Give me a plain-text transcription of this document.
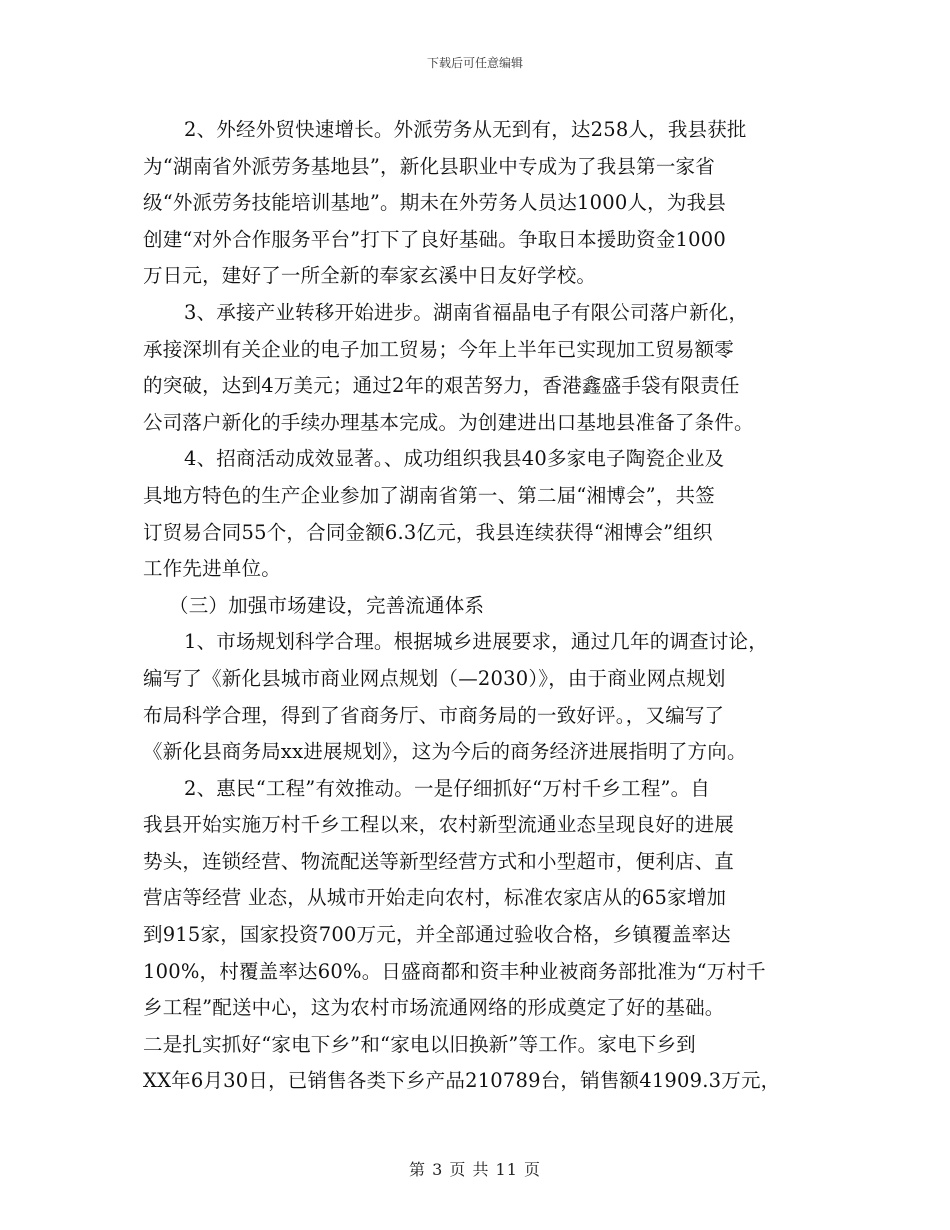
下载后可任意编辑
2、外经外贸快速增长。外派劳务从无到有，达258人，我县获批
为“湖南省外派劳务基地县”，新化县职业中专成为了我县第一家省
级“外派劳务技能培训基地”。期未在外劳务人员达1000人，为我县
创建“对外合作服务平台”打下了良好基础。争取日本援助资金1000
万日元，建好了一所全新的奉家玄溪中日友好学校。
3、承接产业转移开始进步。湖南省福晶电子有限公司落户新化，
承接深圳有关企业的电子加工贸易；今年上半年已实现加工贸易额零
的突破，达到4万美元；通过2年的艰苦努力，香港鑫盛手袋有限责任
公司落户新化的手续办理基本完成。为创建进出口基地县准备了条件。
4、招商活动成效显著。、成功组织我县40多家电子陶瓷企业及
具地方特色的生产企业参加了湖南省第一、第二届“湘博会”，共签
订贸易合同55个，合同金额6.3亿元，我县连续获得“湘博会”组织
工作先进单位。
（三）加强市场建设，完善流通体系
1、市场规划科学合理。根据城乡进展要求，通过几年的调查讨论，
编写了《新化县城市商业网点规划（—2030）》，由于商业网点规划
布局科学合理，得到了省商务厅、市商务局的一致好评。，又编写了
《新化县商务局xx进展规划》，这为今后的商务经济进展指明了方向。
2、惠民“工程”有效推动。一是仔细抓好“万村千乡工程”。自
我县开始实施万村千乡工程以来，农村新型流通业态呈现良好的进展
势头，连锁经营、物流配送等新型经营方式和小型超市，便利店、直
营店等经营 业态，从城市开始走向农村，标准农家店从的65家增加
到915家，国家投资700万元，并全部通过验收合格，乡镇覆盖率达
100%，村覆盖率达60%。日盛商都和资丰种业被商务部批准为“万村千
乡工程”配送中心，这为农村市场流通网络的形成奠定了好的基础。
二是扎实抓好“家电下乡”和“家电以旧换新”等工作。家电下乡到
XX年6月30日，已销售各类下乡产品210789台，销售额41909.3万元，
第 3 页 共 11 页
